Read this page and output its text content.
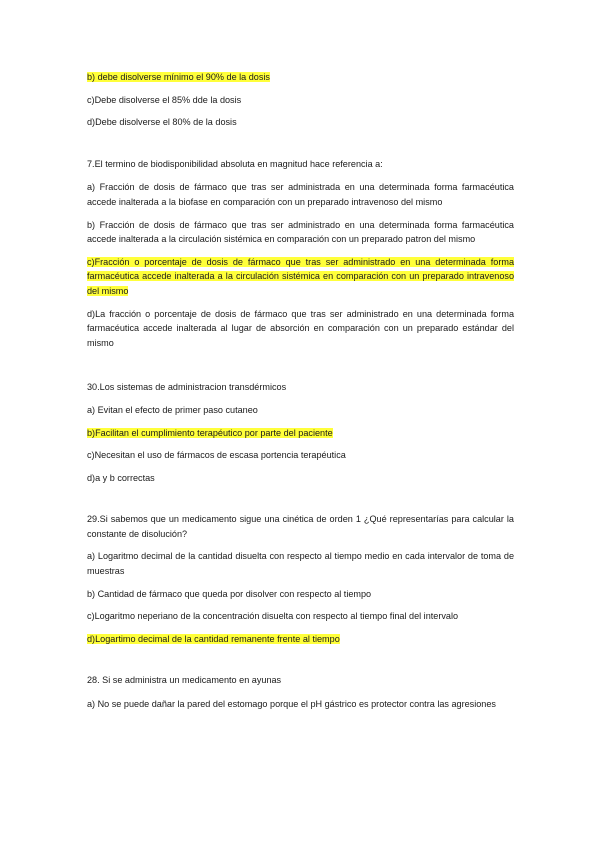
b) debe disolverse mínimo el 90% de la dosis

c)Debe disolverse el 85% dde la dosis

d)Debe disolverse el 80% de la dosis

7.El termino de biodisponibilidad absoluta en magnitud hace referencia a:

a) Fracción de dosis de fármaco que tras ser administrada en una determinada forma farmacéutica accede inalterada a la biofase en comparación con un preparado intravenoso del mismo

b) Fracción de dosis de fármaco que tras ser administrado en una determinada forma farmacéutica accede inalterada a la circulación sistémica en comparación con un preparado patron del mismo

c)Fracción o porcentaje de dosis de fármaco que tras ser administrado en una determinada forma farmacéutica accede inalterada a la circulación sistémica en comparación con un preparado intravenoso del mismo

d)La fracción o porcentaje de dosis de fármaco que tras ser administrado en una determinada forma farmacéutica accede inalterada al lugar de absorción en comparación con un preparado estándar del mismo

30.Los sistemas de administracion transdérmicos

a) Evitan el efecto de primer paso cutaneo

b)Facilitan el cumplimiento terapéutico por parte del paciente

c)Necesitan el uso de fármacos de escasa portencia terapéutica

d)a y b correctas

29.Si sabemos que un medicamento sigue una cinética de orden 1 ¿Qué representarías para calcular la constante de disolución?

a) Logaritmo decimal de la cantidad disuelta con respecto al tiempo medio en cada intervalor de toma de muestras

b) Cantidad de fármaco que queda por disolver con respecto al tiempo

c)Logaritmo neperiano de la concentración disuelta con respecto al tiempo final del intervalo

d)Logartimo decimal de la cantidad remanente frente al tiempo

28. Si se administra un medicamento en ayunas

a) No se puede dañar la pared del estomago porque el pH gástrico es protector contra las agresiones
